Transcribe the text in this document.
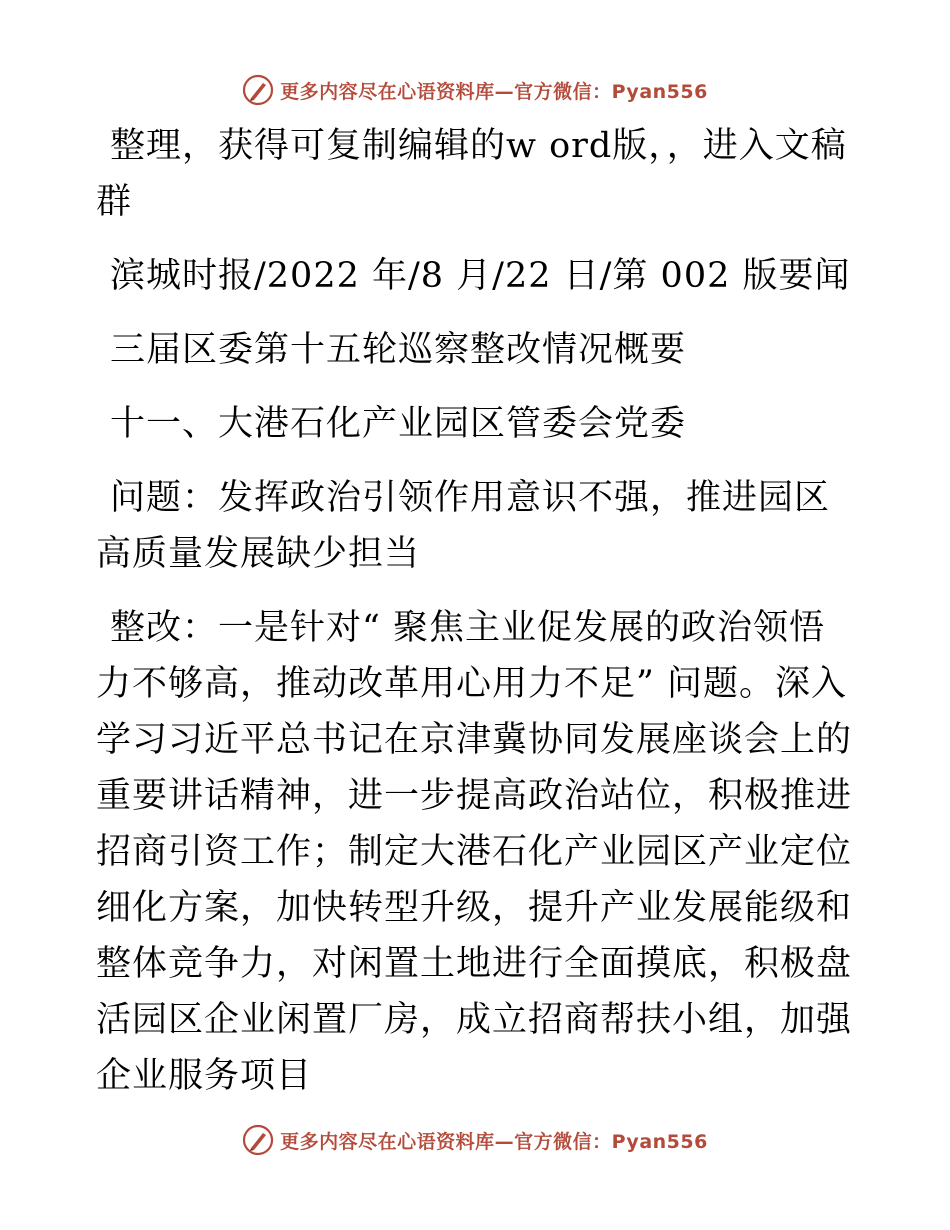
更多内容尽在心语资料库—官方微信：Pyan556

整理，获得可复制编辑的w ord版，，进入文稿群

滨城时报/2022 年/8 月/22 日/第 002 版要闻

三届区委第十五轮巡察整改情况概要

十一、大港石化产业园区管委会党委

问题：发挥政治引领作用意识不强，推进园区高质量发展缺少担当

整改：一是针对“ 聚焦主业促发展的政治领悟力不够高，推动改革用心用力不足” 问题。深入学习习近平总书记在京津冀协同发展座谈会上的重要讲话精神，进一步提高政治站位，积极推进招商引资工作；制定大港石化产业园区产业定位细化方案，加快转型升级，提升产业发展能级和整体竞争力，对闲置土地进行全面摸底，积极盘活园区企业闲置厂房，成立招商帮扶小组，加强企业服务项目

更多内容尽在心语资料库—官方微信：Pyan556
